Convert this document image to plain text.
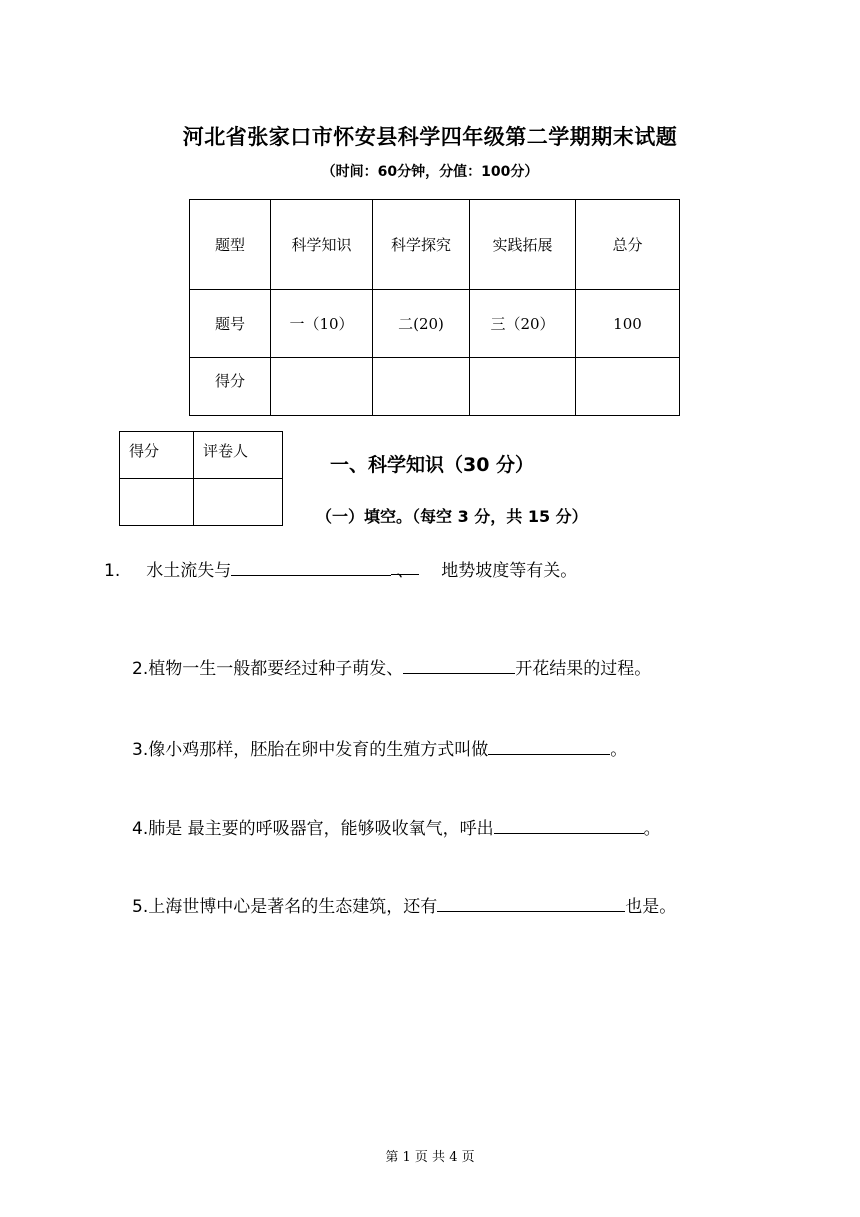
河北省张家口市怀安县科学四年级第二学期期末试题
（时间：60分钟，分值：100分）
题型	科学知识	科学探究	实践拓展	总分
题号	一（10）	二(20)	三（20）	100
得分				
得分	评卷人

一、科学知识（30 分）
（一）填空。（每空 3 分，共 15 分）
1. 水土流失与	、 地势坡度等有关。
2.植物一生一般都要经过种子萌发、	开花结果的过程。
3.像小鸡那样，胚胎在卵中发育的生殖方式叫做	。
4.肺是 最主要的呼吸器官，能够吸收氧气，呼出	。
5.上海世博中心是著名的生态建筑，还有	也是。
第 1 页 共 4 页
